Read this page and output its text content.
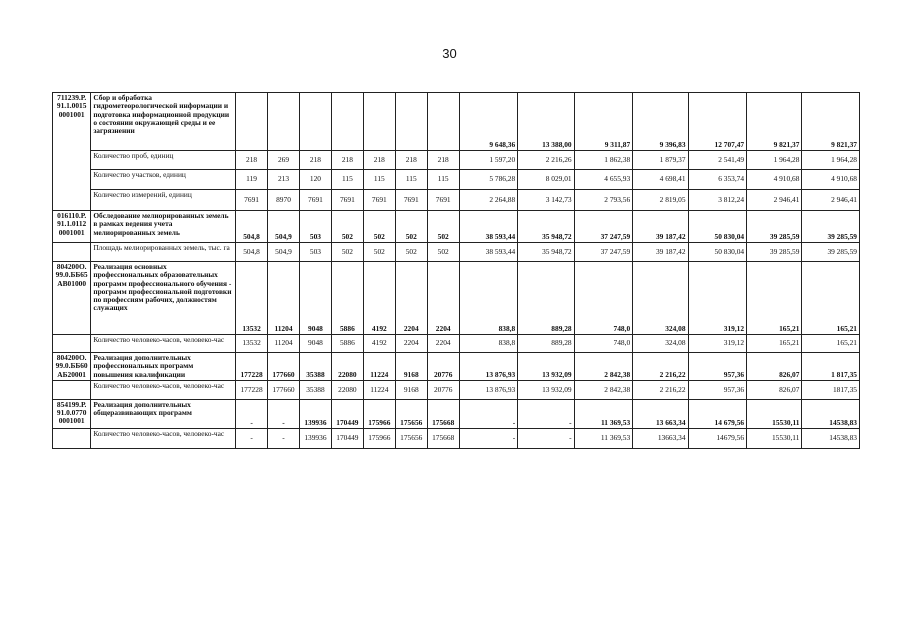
30
711239.Р.
91.1.0015
0001001	Сбор и обработка гидрометеорологической информации и подготовка информационной продукции о состоянии окружающей среды и ее загрязнении								9 648,36	13 388,00	9 311,87	9 396,83	12 707,47	9 821,37	9 821,37
	Количество проб, единиц	218	269	218	218	218	218	218	1 597,20	2 216,26	1 862,38	1 879,37	2 541,49	1 964,28	1 964,28
	Количество участков, единиц	119	213	120	115	115	115	115	5 786,28	8 029,01	4 655,93	4 698,41	6 353,74	4 910,68	4 910,68
	Количество измерений, единиц	7691	8970	7691	7691	7691	7691	7691	2 264,88	3 142,73	2 793,56	2 819,05	3 812,24	2 946,41	2 946,41
016110.Р.
91.1.0112
0001001	Обследование мелиорированных земель в рамках ведения учета мелиорированных земель	504,8	504,9	503	502	502	502	502	38 593,44	35 948,72	37 247,59	39 187,42	50 830,04	39 285,59	39 285,59
	Площадь мелиорированных земель, тыс. га	504,8	504,9	503	502	502	502	502	38 593,44	35 948,72	37 247,59	39 187,42	50 830,04	39 285,59	39 285,59
804200О.
99.0.ББ65
АВ01000	Реализация основных профессиональных образовательных программ профессионального обучения - программ профессиональной подготовки по профессиям рабочих, должностям служащих	13532	11204	9048	5886	4192	2204	2204	838,8	889,28	748,0	324,08	319,12	165,21	165,21
	Количество человеко-часов, человеко-час	13532	11204	9048	5886	4192	2204	2204	838,8	889,28	748,0	324,08	319,12	165,21	165,21
804200О.
99.0.ББ60
АБ20001	Реализация дополнительных профессиональных программ повышения квалификации	177228	177660	35388	22080	11224	9168	20776	13 876,93	13 932,09	2 842,38	2 216,22	957,36	826,07	1 817,35
	Количество человеко-часов, человеко-час	177228	177660	35388	22080	11224	9168	20776	13 876,93	13 932,09	2 842,38	2 216,22	957,36	826,07	1817,35
854199.Р.
91.0.0770
0001001	Реализация дополнительных общеразвивающих программ	-	-	139936	170449	175966	175656	175668	-	-	11 369,53	13 663,34	14 679,56	15530,11	14538,83
	Количество человеко-часов, человеко-час	-	-	139936	170449	175966	175656	175668	-	-	11 369,53	13663,34	14679,56	15530,11	14538,83
